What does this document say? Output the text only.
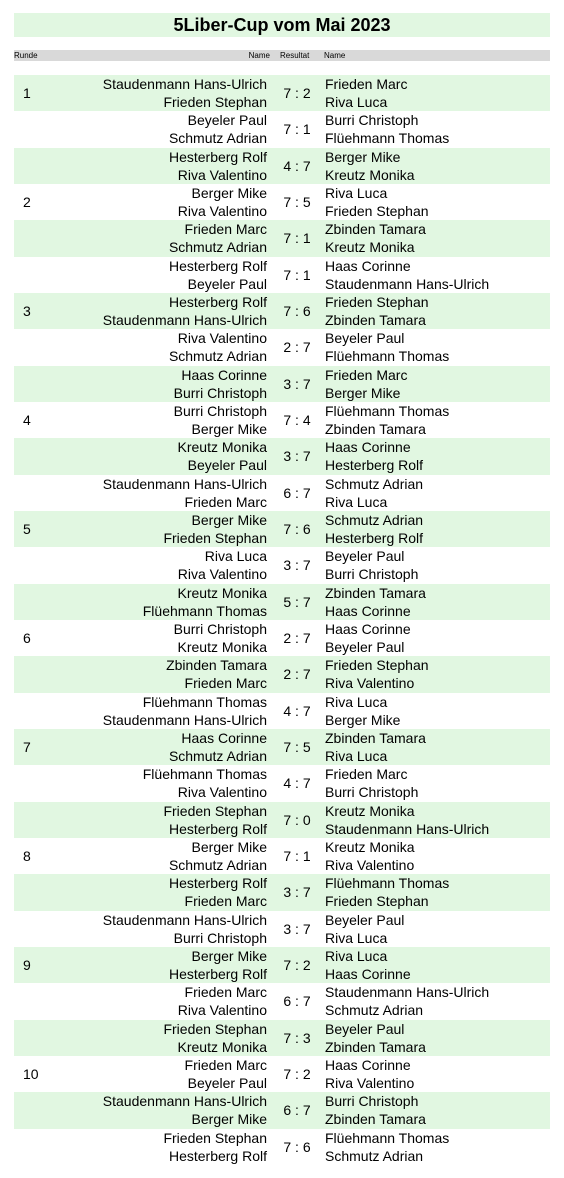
5Liber-Cup vom Mai 2023
Runde	Name Resultat Name
1
Staudenmann Hans-Ulrich
Frieden Stephan
7 : 2
Frieden Marc
Riva Luca
Beyeler Paul
Schmutz Adrian
7 : 1
Burri Christoph
Flüehmann Thomas
Hesterberg Rolf
Riva Valentino
4 : 7
Berger Mike
Kreutz Monika
2
Berger Mike
Riva Valentino
7 : 5
Riva Luca
Frieden Stephan
Frieden Marc
Schmutz Adrian
7 : 1
Zbinden Tamara
Kreutz Monika
Hesterberg Rolf
Beyeler Paul
7 : 1
Haas Corinne
Staudenmann Hans-Ulrich
3
Hesterberg Rolf
Staudenmann Hans-Ulrich
7 : 6
Frieden Stephan
Zbinden Tamara
Riva Valentino
Schmutz Adrian
2 : 7
Beyeler Paul
Flüehmann Thomas
Haas Corinne
Burri Christoph
3 : 7
Frieden Marc
Berger Mike
4
Burri Christoph
Berger Mike
7 : 4
Flüehmann Thomas
Zbinden Tamara
Kreutz Monika
Beyeler Paul
3 : 7
Haas Corinne
Hesterberg Rolf
Staudenmann Hans-Ulrich
Frieden Marc
6 : 7
Schmutz Adrian
Riva Luca
5
Berger Mike
Frieden Stephan
7 : 6
Schmutz Adrian
Hesterberg Rolf
Riva Luca
Riva Valentino
3 : 7
Beyeler Paul
Burri Christoph
Kreutz Monika
Flüehmann Thomas
5 : 7
Zbinden Tamara
Haas Corinne
6
Burri Christoph
Kreutz Monika
2 : 7
Haas Corinne
Beyeler Paul
Zbinden Tamara
Frieden Marc
2 : 7
Frieden Stephan
Riva Valentino
Flüehmann Thomas
Staudenmann Hans-Ulrich
4 : 7
Riva Luca
Berger Mike
7
Haas Corinne
Schmutz Adrian
7 : 5
Zbinden Tamara
Riva Luca
Flüehmann Thomas
Riva Valentino
4 : 7
Frieden Marc
Burri Christoph
Frieden Stephan
Hesterberg Rolf
7 : 0
Kreutz Monika
Staudenmann Hans-Ulrich
8
Berger Mike
Schmutz Adrian
7 : 1
Kreutz Monika
Riva Valentino
Hesterberg Rolf
Frieden Marc
3 : 7
Flüehmann Thomas
Frieden Stephan
Staudenmann Hans-Ulrich
Burri Christoph
3 : 7
Beyeler Paul
Riva Luca
9
Berger Mike
Hesterberg Rolf
7 : 2
Riva Luca
Haas Corinne
Frieden Marc
Riva Valentino
6 : 7
Staudenmann Hans-Ulrich
Schmutz Adrian
Frieden Stephan
Kreutz Monika
7 : 3
Beyeler Paul
Zbinden Tamara
10
Frieden Marc
Beyeler Paul
7 : 2
Haas Corinne
Riva Valentino
Staudenmann Hans-Ulrich
Berger Mike
6 : 7
Burri Christoph
Zbinden Tamara
Frieden Stephan
Hesterberg Rolf
7 : 6
Flüehmann Thomas
Schmutz Adrian
